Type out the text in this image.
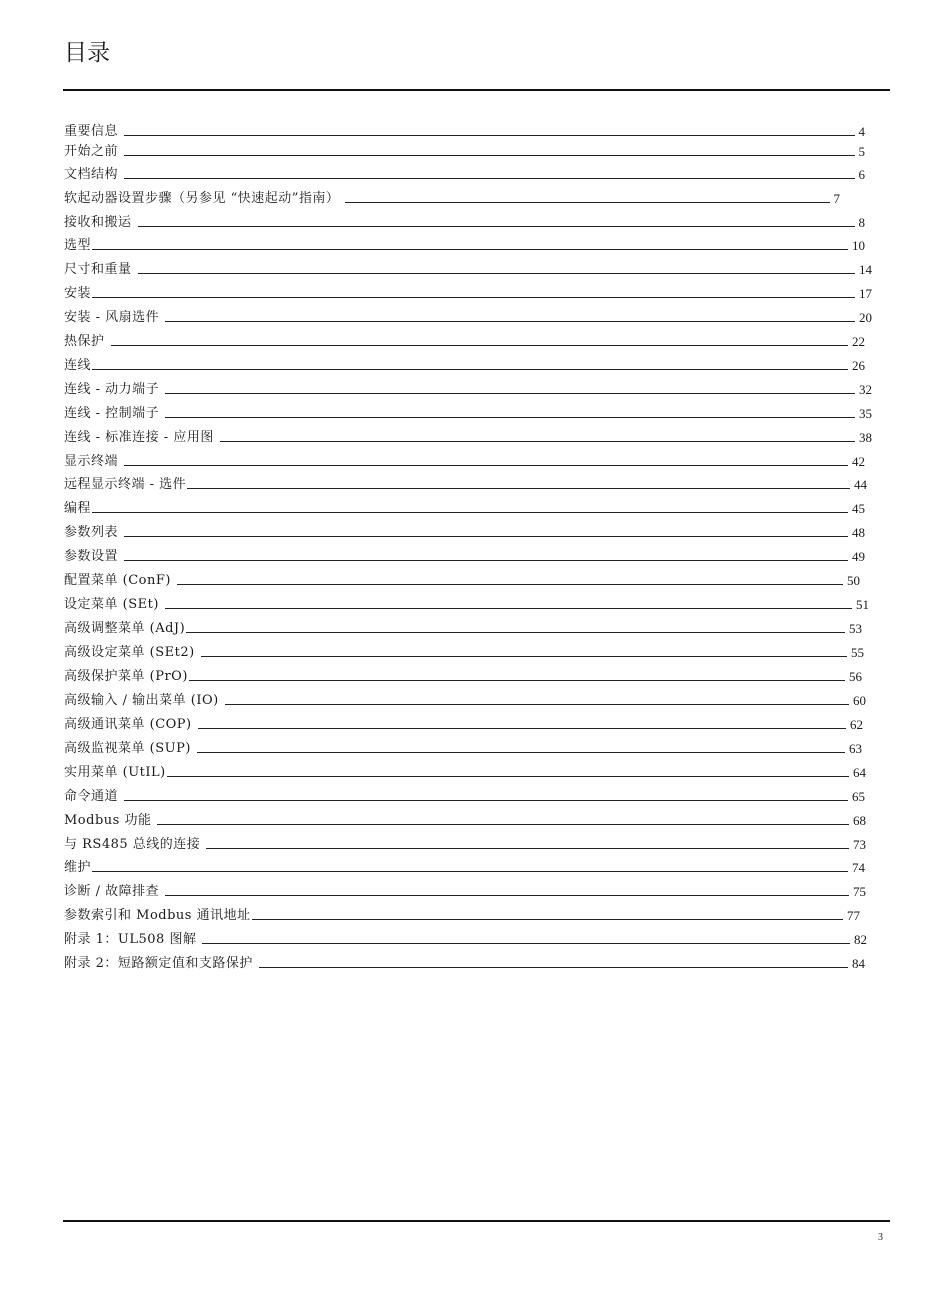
目录
重要信息	4
开始之前	5
文档结构	6
软起动器设置步骤（另参见 “快速起动”指南）	7
接收和搬运	8
选型	10
尺寸和重量	14
安装	17
安装 - 风扇选件	20
热保护	22
连线	26
连线 - 动力端子	32
连线 - 控制端子	35
连线 - 标准连接 - 应用图	38
显示终端	42
远程显示终端 - 选件	44
编程	45
参数列表	48
参数设置	49
配置菜单 (ConF)	50
设定菜单 (SEt)	51
高级调整菜单 (AdJ)	53
高级设定菜单 (SEt2)	55
高级保护菜单 (PrO)	56
高级输入 / 输出菜单 (IO)	60
高级通讯菜单 (COP)	62
高级监视菜单 (SUP)	63
实用菜单 (UtIL)	64
命令通道	65
Modbus 功能	68
与 RS485 总线的连接	73
维护	74
诊断 / 故障排查	75
参数索引和 Modbus 通讯地址	77
附录 1：UL508 图解	82
附录 2：短路额定值和支路保护	84
3
